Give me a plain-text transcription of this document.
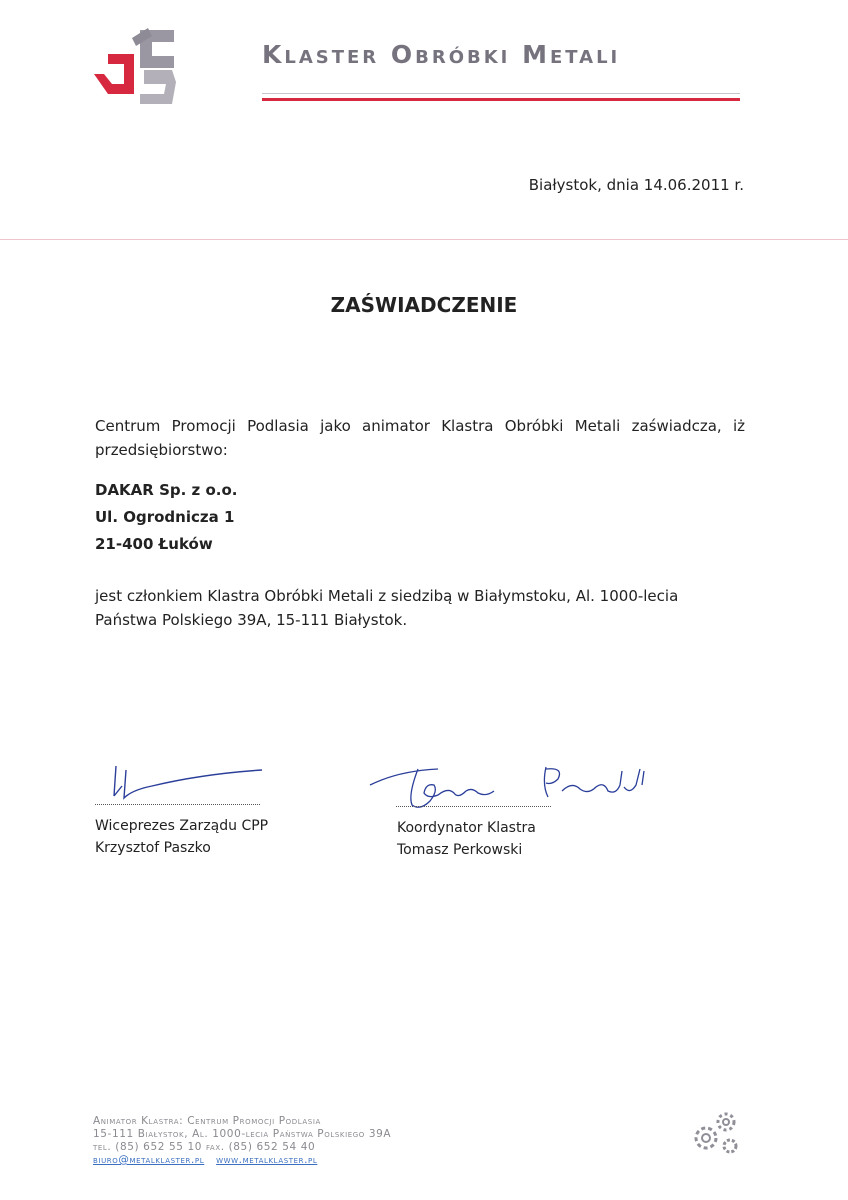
Klaster Obróbki Metali
Białystok, dnia 14.06.2011 r.
ZAŚWIADCZENIE
Centrum Promocji Podlasia jako animator Klastra Obróbki Metali zaświadcza, iż przedsiębiorstwo:
DAKAR Sp. z o.o.
Ul. Ogrodnicza 1
21-400 Łuków
jest członkiem Klastra Obróbki Metali z siedzibą w Białymstoku, Al. 1000-lecia Państwa Polskiego 39A, 15-111 Białystok.
Wiceprezes Zarządu CPP
Krzysztof Paszko
Koordynator Klastra
Tomasz Perkowski
Animator Klastra: Centrum Promocji Podlasia
15-111 Białystok, Al. 1000-lecia Państwa Polskiego 39A
tel. (85) 652 55 10 fax. (85) 652 54 40
biuro@metalklaster.pl www.metalklaster.pl
